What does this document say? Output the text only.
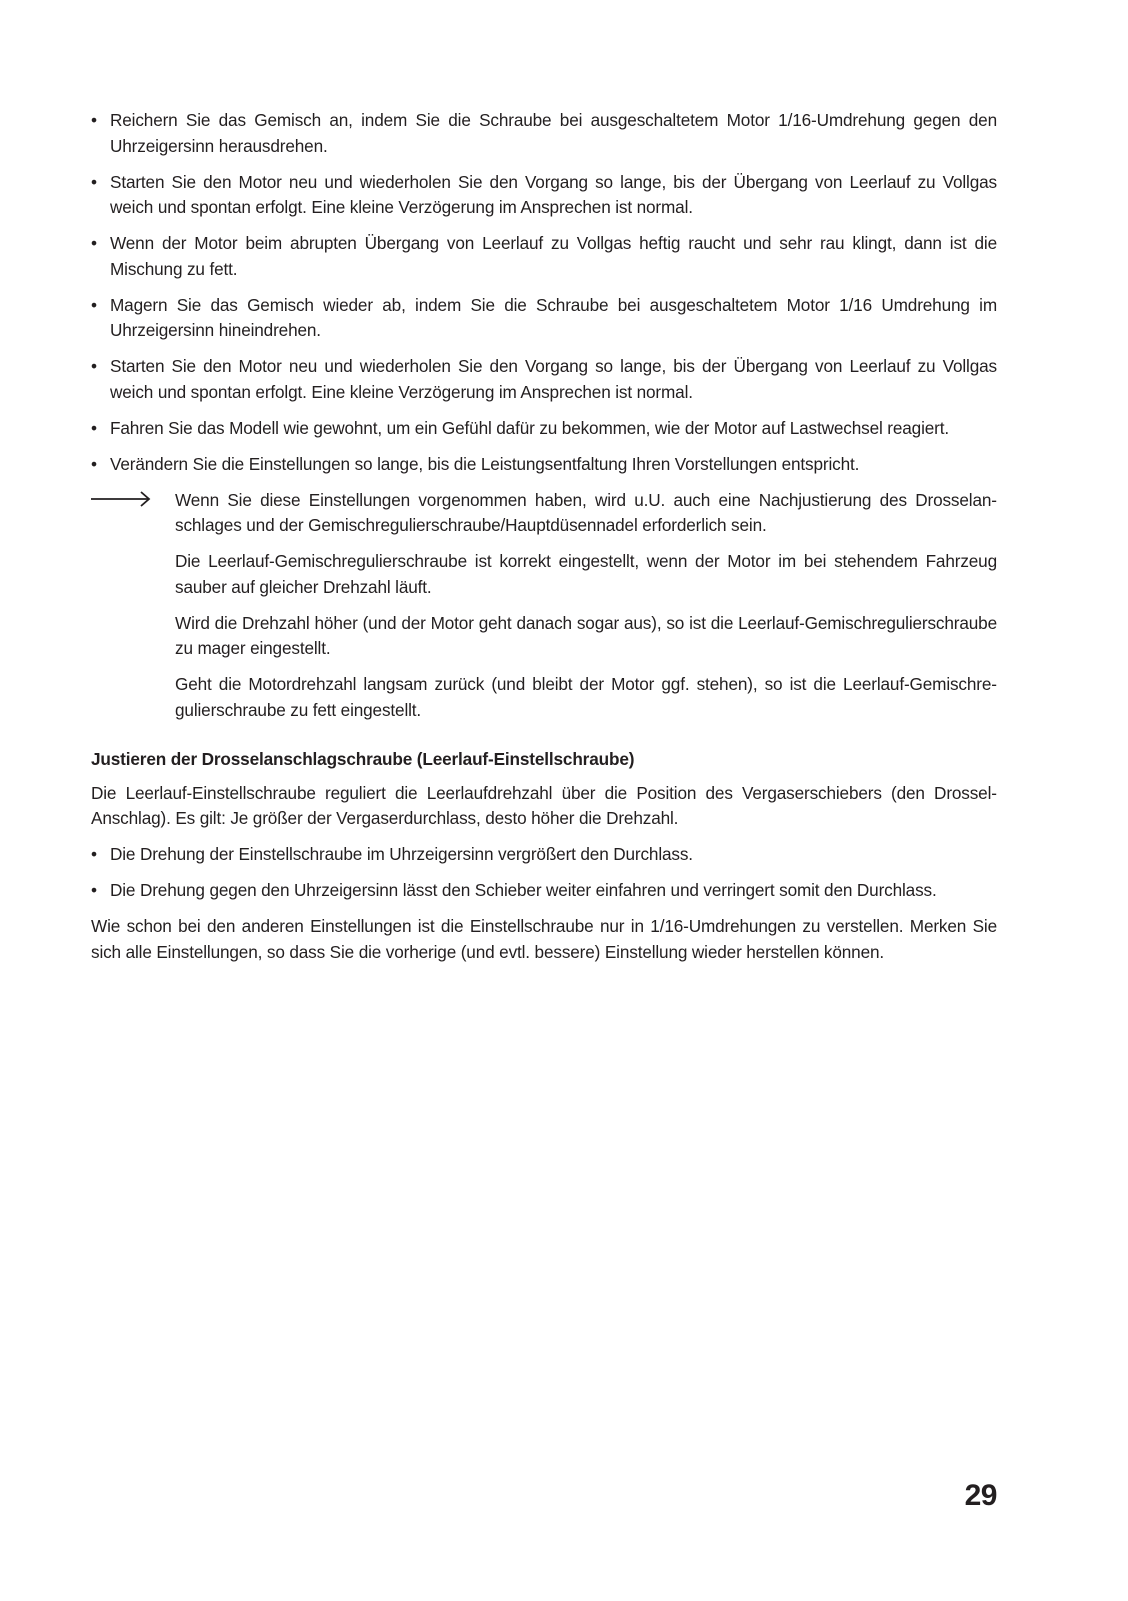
• Reichern Sie das Gemisch an, indem Sie die Schraube bei ausgeschaltetem Motor 1/16-Umdrehung gegen den Uhrzeigersinn herausdrehen.
• Starten Sie den Motor neu und wiederholen Sie den Vorgang so lange, bis der Übergang von Leerlauf zu Vollgas weich und spontan erfolgt. Eine kleine Verzögerung im Ansprechen ist normal.
• Wenn der Motor beim abrupten Übergang von Leerlauf zu Vollgas heftig raucht und sehr rau klingt, dann ist die Mischung zu fett.
• Magern Sie das Gemisch wieder ab, indem Sie die Schraube bei ausgeschaltetem Motor 1/16 Umdrehung im Uhrzeigersinn hineindrehen.
• Starten Sie den Motor neu und wiederholen Sie den Vorgang so lange, bis der Übergang von Leerlauf zu Vollgas weich und spontan erfolgt. Eine kleine Verzögerung im Ansprechen ist normal.
• Fahren Sie das Modell wie gewohnt, um ein Gefühl dafür zu bekommen, wie der Motor auf Lastwechsel reagiert.
• Verändern Sie die Einstellungen so lange, bis die Leistungsentfaltung Ihren Vorstellungen entspricht.

Wenn Sie diese Einstellungen vorgenommen haben, wird u.U. auch eine Nachjustierung des Drosselanschlages und der Gemischregulierschraube/Hauptdüsennadel erforderlich sein.

Die Leerlauf-Gemischregulierschraube ist korrekt eingestellt, wenn der Motor im bei stehendem Fahrzeug sauber auf gleicher Drehzahl läuft.

Wird die Drehzahl höher (und der Motor geht danach sogar aus), so ist die Leerlauf-Gemischregulierschraube zu mager eingestellt.

Geht die Motordrehzahl langsam zurück (und bleibt der Motor ggf. stehen), so ist die Leerlauf-Gemischregulierschraube zu fett eingestellt.

Justieren der Drosselanschlagschraube (Leerlauf-Einstellschraube)

Die Leerlauf-Einstellschraube reguliert die Leerlaufdrehzahl über die Position des Vergaserschiebers (den DrosselAnschlag). Es gilt: Je größer der Vergaserdurchlass, desto höher die Drehzahl.

• Die Drehung der Einstellschraube im Uhrzeigersinn vergrößert den Durchlass.
• Die Drehung gegen den Uhrzeigersinn lässt den Schieber weiter einfahren und verringert somit den Durchlass.

Wie schon bei den anderen Einstellungen ist die Einstellschraube nur in 1/16-Umdrehungen zu verstellen. Merken Sie sich alle Einstellungen, so dass Sie die vorherige (und evtl. bessere) Einstellung wieder herstellen können.

29
